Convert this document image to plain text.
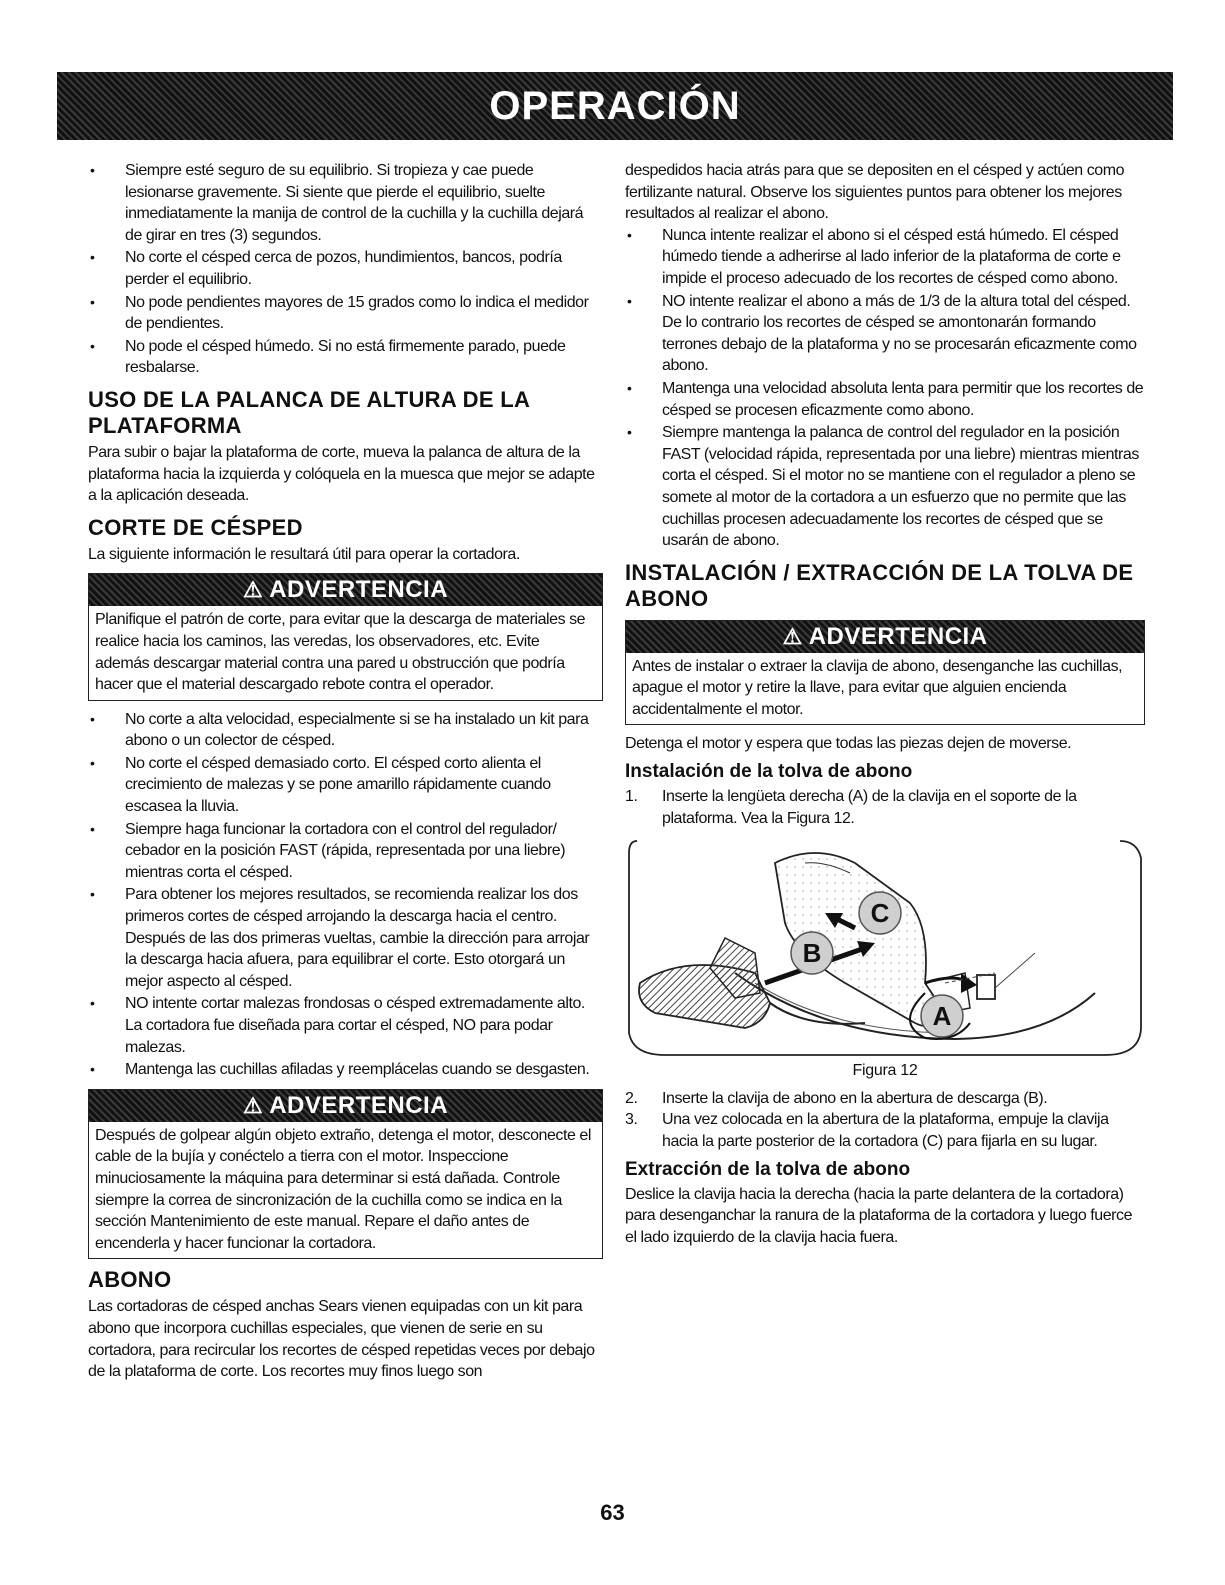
OPERACIÓN
• Siempre esté seguro de su equilibrio. Si tropieza y cae puede lesionarse gravemente. Si siente que pierde el equilibrio, suelte inmediatamente la manija de control de la cuchilla y la cuchilla dejará de girar en tres (3) segundos.
• No corte el césped cerca de pozos, hundimientos, bancos, podría perder el equilibrio.
• No pode pendientes mayores de 15 grados como lo indica el medidor de pendientes.
• No pode el césped húmedo. Si no está firmemente parado, puede resbalarse.
USO DE LA PALANCA DE ALTURA DE LA PLATAFORMA

Para subir o bajar la plataforma de corte, mueva la palanca de altura de la plataforma hacia la izquierda y colóquela en la muesca que mejor se adapte a la aplicación deseada.

CORTE DE CÉSPED

La siguiente información le resultará útil para operar la cortadora.

⚠ ADVERTENCIA
Planifique el patrón de corte, para evitar que la descarga de materiales se realice hacia los caminos, las veredas, los observadores, etc. Evite además descargar material contra una pared u obstrucción que podría hacer que el material descargado rebote contra el operador.
• No corte a alta velocidad, especialmente si se ha instalado un kit para abono o un colector de césped.
• No corte el césped demasiado corto. El césped corto alienta el crecimiento de malezas y se pone amarillo rápidamente cuando escasea la lluvia.
• Siempre haga funcionar la cortadora con el control del regulador/ cebador en la posición FAST (rápida, representada por una liebre) mientras corta el césped.
• Para obtener los mejores resultados, se recomienda realizar los dos primeros cortes de césped arrojando la descarga hacia el centro. Después de las dos primeras vueltas, cambie la dirección para arrojar la descarga hacia afuera, para equilibrar el corte. Esto otorgará un mejor aspecto al césped.
• NO intente cortar malezas frondosas o césped extremadamente alto. La cortadora fue diseñada para cortar el césped, NO para podar malezas.
• Mantenga las cuchillas afiladas y reemplácelas cuando se desgasten.
⚠ ADVERTENCIA
Después de golpear algún objeto extraño, detenga el motor, desconecte el cable de la bujía y conéctelo a tierra con el motor. Inspeccione minuciosamente la máquina para determinar si está dañada. Controle siempre la correa de sincronización de la cuchilla como se indica en la sección Mantenimiento de este manual. Repare el daño antes de encenderla y hacer funcionar la cortadora.
ABONO

Las cortadoras de césped anchas Sears vienen equipadas con un kit para abono que incorpora cuchillas especiales, que vienen de serie en su cortadora, para recircular los recortes de césped repetidas veces por debajo de la plataforma de corte. Los recortes muy finos luego son

despedidos hacia atrás para que se depositen en el césped y actúen como fertilizante natural. Observe los siguientes puntos para obtener los mejores resultados al realizar el abono.

• Nunca intente realizar el abono si el césped está húmedo. El césped húmedo tiende a adherirse al lado inferior de la plataforma de corte e impide el proceso adecuado de los recortes de césped como abono.
• NO intente realizar el abono a más de 1/3 de la altura total del césped. De lo contrario los recortes de césped se amontonarán formando terrones debajo de la plataforma y no se procesarán eficazmente como abono.
• Mantenga una velocidad absoluta lenta para permitir que los recortes de césped se procesen eficazmente como abono.
• Siempre mantenga la palanca de control del regulador en la posición FAST (velocidad rápida, representada por una liebre) mientras mientras corta el césped. Si el motor no se mantiene con el regulador a pleno se somete al motor de la cortadora a un esfuerzo que no permite que las cuchillas procesen adecuadamente los recortes de césped que se usarán de abono.
INSTALACIÓN / EXTRACCIÓN DE LA TOLVA DE ABONO
⚠ ADVERTENCIA
Antes de instalar o extraer la clavija de abono, desenganche las cuchillas, apague el motor y retire la llave, para evitar que alguien encienda accidentalmente el motor.

Detenga el motor y espera que todas las piezas dejen de moverse.

Instalación de la tolva de abono
1. Inserte la lengüeta derecha (A) de la clavija en el soporte de la plataforma. Vea la Figura 12.
C
B
A

Figura 12

2. Inserte la clavija de abono en la abertura de descarga (B).
3. Una vez colocada en la abertura de la plataforma, empuje la clavija hacia la parte posterior de la cortadora (C) para fijarla en su lugar.
Extracción de la tolva de abono

Deslice la clavija hacia la derecha (hacia la parte delantera de la cortadora) para desenganchar la ranura de la plataforma de la cortadora y luego fuerce el lado izquierdo de la clavija hacia fuera.

63
